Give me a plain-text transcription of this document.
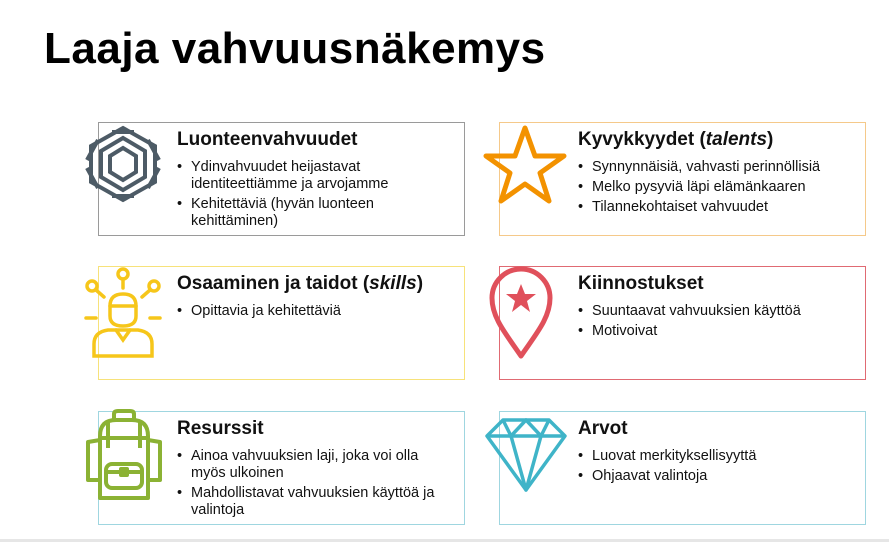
Laaja vahvuusnäkemys
Luonteenvahvuudet
• Ydinvahvuudet heijastavat identiteettiämme ja arvojamme
• Kehitettäviä (hyvän luonteen kehittäminen)
Kyvykkyydet (talents)
• Synnynnäisiä, vahvasti perinnöllisiä
• Melko pysyviä läpi elämänkaaren
• Tilannekohtaiset vahvuudet
Osaaminen ja taidot (skills)
• Opittavia ja kehitettäviä
Kiinnostukset
• Suuntaavat vahvuuksien käyttöä
• Motivoivat
Resurssit
• Ainoa vahvuuksien laji, joka voi olla myös ulkoinen
• Mahdollistavat vahvuuksien käyttöä ja valintoja
Arvot
• Luovat merkityksellisyyttä
• Ohjaavat valintoja
